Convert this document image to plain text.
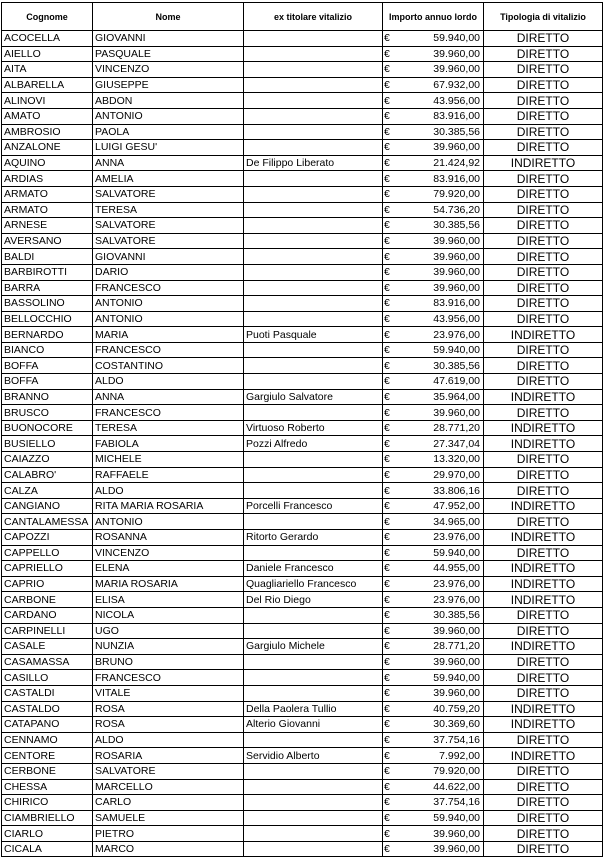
Cognome	Nome	ex titolare vitalizio	Importo annuo lordo		Tipologia di vitalizio
ACOCELLA	GIOVANNI		€	59.940,00	DIRETTO
AIELLO	PASQUALE		€	39.960,00	DIRETTO
AITA	VINCENZO		€	39.960,00	DIRETTO
ALBARELLA	GIUSEPPE		€	67.932,00	DIRETTO
ALINOVI	ABDON		€	43.956,00	DIRETTO
AMATO	ANTONIO		€	83.916,00	DIRETTO
AMBROSIO	PAOLA		€	30.385,56	DIRETTO
ANZALONE	LUIGI GESU'		€	39.960,00	DIRETTO
AQUINO	ANNA	De Filippo Liberato	€	21.424,92	INDIRETTO
ARDIAS	AMELIA		€	83.916,00	DIRETTO
ARMATO	SALVATORE		€	79.920,00	DIRETTO
ARMATO	TERESA		€	54.736,20	DIRETTO
ARNESE	SALVATORE		€	30.385,56	DIRETTO
AVERSANO	SALVATORE		€	39.960,00	DIRETTO
BALDI	GIOVANNI		€	39.960,00	DIRETTO
BARBIROTTI	DARIO		€	39.960,00	DIRETTO
BARRA	FRANCESCO		€	39.960,00	DIRETTO
BASSOLINO	ANTONIO		€	83.916,00	DIRETTO
BELLOCCHIO	ANTONIO		€	43.956,00	DIRETTO
BERNARDO	MARIA	Puoti Pasquale	€	23.976,00	INDIRETTO
BIANCO	FRANCESCO		€	59.940,00	DIRETTO
BOFFA	COSTANTINO		€	30.385,56	DIRETTO
BOFFA	ALDO		€	47.619,00	DIRETTO
BRANNO	ANNA	Gargiulo Salvatore	€	35.964,00	INDIRETTO
BRUSCO	FRANCESCO		€	39.960,00	DIRETTO
BUONOCORE	TERESA	Virtuoso Roberto	€	28.771,20	INDIRETTO
BUSIELLO	FABIOLA	Pozzi Alfredo	€	27.347,04	INDIRETTO
CAIAZZO	MICHELE		€	13.320,00	DIRETTO
CALABRO'	RAFFAELE		€	29.970,00	DIRETTO
CALZA	ALDO		€	33.806,16	DIRETTO
CANGIANO	RITA MARIA ROSARIA	Porcelli Francesco	€	47.952,00	INDIRETTO
CANTALAMESSA	ANTONIO		€	34.965,00	DIRETTO
CAPOZZI	ROSANNA	Ritorto Gerardo	€	23.976,00	INDIRETTO
CAPPELLO	VINCENZO		€	59.940,00	DIRETTO
CAPRIELLO	ELENA	Daniele Francesco	€	44.955,00	INDIRETTO
CAPRIO	MARIA ROSARIA	Quagliariello Francesco	€	23.976,00	INDIRETTO
CARBONE	ELISA	Del Rio Diego	€	23.976,00	INDIRETTO
CARDANO	NICOLA		€	30.385,56	DIRETTO
CARPINELLI	UGO		€	39.960,00	DIRETTO
CASALE	NUNZIA	Gargiulo Michele	€	28.771,20	INDIRETTO
CASAMASSA	BRUNO		€	39.960,00	DIRETTO
CASILLO	FRANCESCO		€	59.940,00	DIRETTO
CASTALDI	VITALE		€	39.960,00	DIRETTO
CASTALDO	ROSA	Della Paolera Tullio	€	40.759,20	INDIRETTO
CATAPANO	ROSA	Alterio Giovanni	€	30.369,60	INDIRETTO
CENNAMO	ALDO		€	37.754,16	DIRETTO
CENTORE	ROSARIA	Servidio Alberto	€	7.992,00	INDIRETTO
CERBONE	SALVATORE		€	79.920,00	DIRETTO
CHESSA	MARCELLO		€	44.622,00	DIRETTO
CHIRICO	CARLO		€	37.754,16	DIRETTO
CIAMBRIELLO	SAMUELE		€	59.940,00	DIRETTO
CIARLO	PIETRO		€	39.960,00	DIRETTO
CICALA	MARCO		€	39.960,00	DIRETTO
